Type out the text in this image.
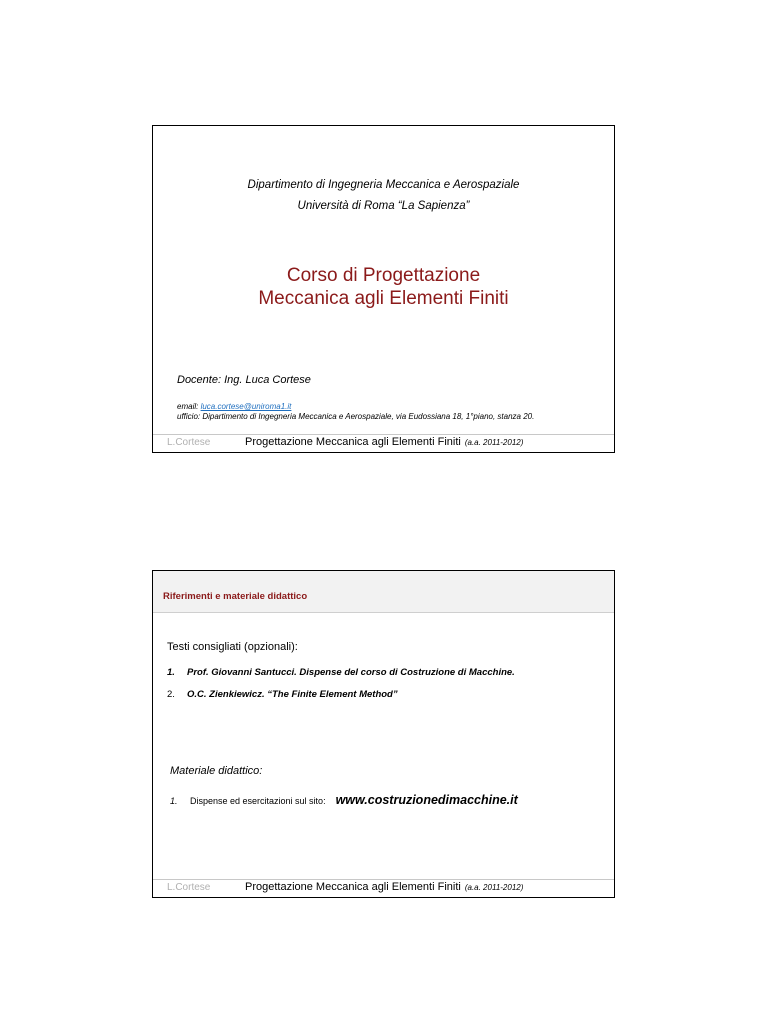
Dipartimento di Ingegneria Meccanica e Aerospaziale
Università di Roma “La Sapienza”
Corso di Progettazione
Meccanica agli Elementi Finiti
Docente: Ing. Luca Cortese
email: luca.cortese@uniroma1.it
ufficio: Dipartimento di Ingegneria Meccanica e Aerospaziale, via Eudossiana 18, 1°piano, stanza 20.
L.Cortese	Progettazione Meccanica agli Elementi Finiti (a.a. 2011-2012)
Riferimenti e materiale didattico
Testi consigliati (opzionali):
1. Prof. Giovanni Santucci. Dispense del corso di Costruzione di Macchine.
2. O.C. Zienkiewicz. “The Finite Element Method”
Materiale didattico:
1. Dispense ed esercitazioni sul sito: www.costruzionedimacchine.it
L.Cortese	Progettazione Meccanica agli Elementi Finiti (a.a. 2011-2012)
